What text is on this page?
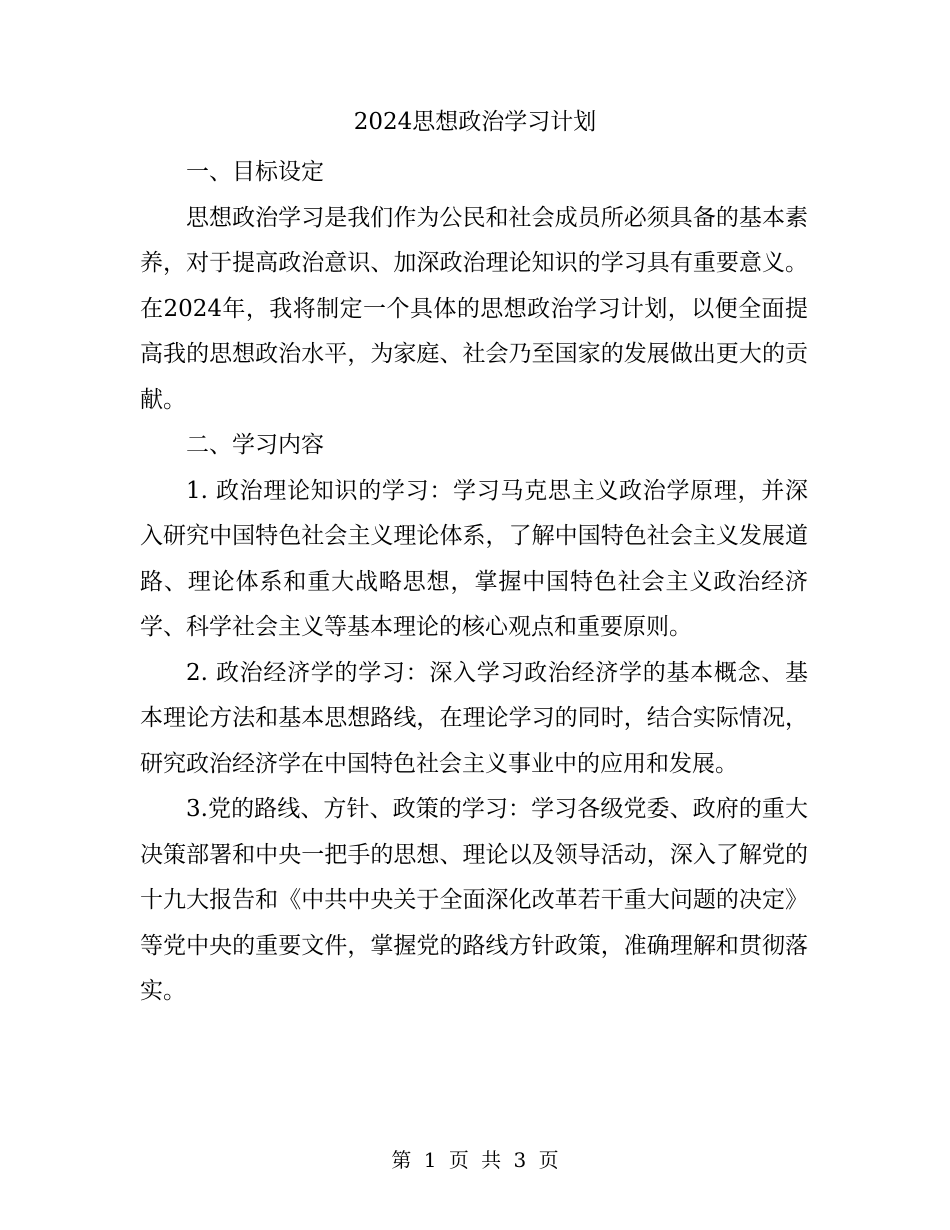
2024思想政治学习计划

一、目标设定

思想政治学习是我们作为公民和社会成员所必须具备的基本素养，对于提高政治意识、加深政治理论知识的学习具有重要意义。在2024年，我将制定一个具体的思想政治学习计划，以便全面提高我的思想政治水平，为家庭、社会乃至国家的发展做出更大的贡献。

二、学习内容

1. 政治理论知识的学习：学习马克思主义政治学原理，并深入研究中国特色社会主义理论体系，了解中国特色社会主义发展道路、理论体系和重大战略思想，掌握中国特色社会主义政治经济学、科学社会主义等基本理论的核心观点和重要原则。

2. 政治经济学的学习：深入学习政治经济学的基本概念、基本理论方法和基本思想路线，在理论学习的同时，结合实际情况，研究政治经济学在中国特色社会主义事业中的应用和发展。

3.党的路线、方针、政策的学习：学习各级党委、政府的重大决策部署和中央一把手的思想、理论以及领导活动，深入了解党的十九大报告和《中共中央关于全面深化改革若干重大问题的决定》等党中央的重要文件，掌握党的路线方针政策，准确理解和贯彻落实。

第 1 页 共 3 页
